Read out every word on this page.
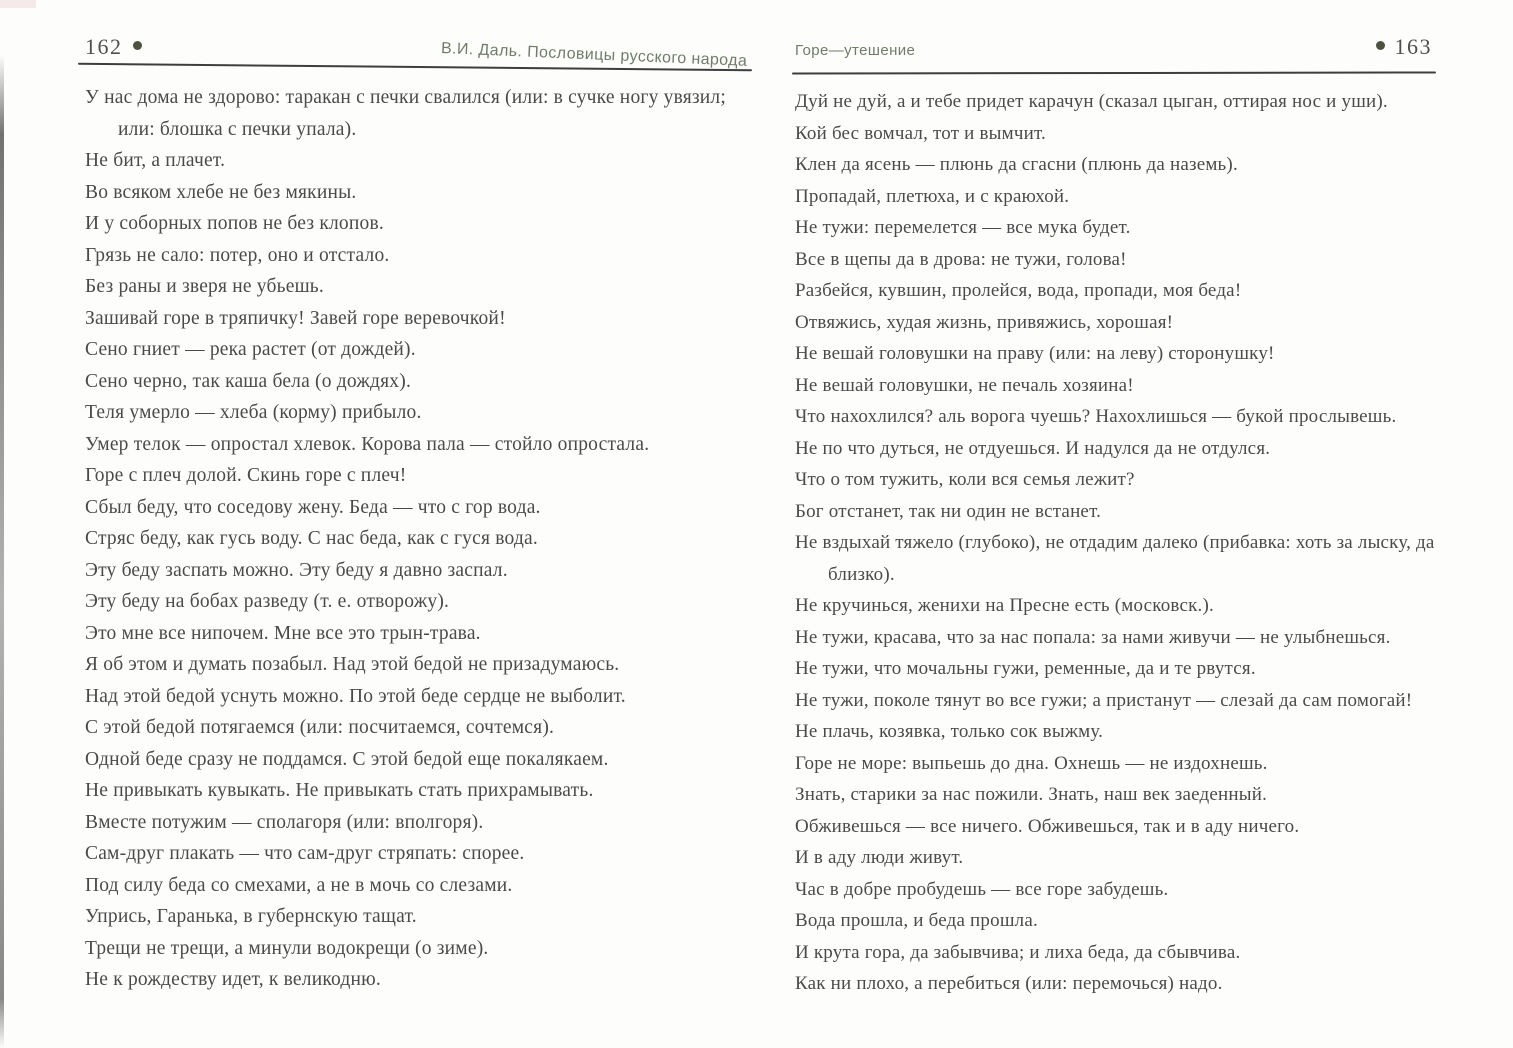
162	В.И. Даль. Пословицы русского народа	Горе—утешение	163

У нас дома не здорово: таракан с печки свалился (или: в сучке ногу увязил; или: блошка с печки упала).

Не бит, а плачет.

Во всяком хлебе не без мякины.

И у соборных попов не без клопов.

Грязь не сало: потер, оно и отстало.

Без раны и зверя не убьешь.

Зашивай горе в тряпичку! Завей горе веревочкой!

Сено гниет — река растет (от дождей).

Сено черно, так каша бела (о дождях).

Теля умерло — хлеба (корму) прибыло.

Умер телок — опростал хлевок. Корова пала — стойло опростала.

Горе с плеч долой. Скинь горе с плеч!

Сбыл беду, что соседову жену. Беда — что с гор вода.

Стряс беду, как гусь воду. С нас беда, как с гуся вода.

Эту беду заспать можно. Эту беду я давно заспал.

Эту беду на бобах разведу (т. е. отворожу).

Это мне все нипочем. Мне все это трын-трава.

Я об этом и думать позабыл. Над этой бедой не призадумаюсь.

Над этой бедой уснуть можно. По этой беде сердце не выболит.

С этой бедой потягаемся (или: посчитаемся, сочтемся).

Одной беде сразу не поддамся. С этой бедой еще покалякаем.

Не привыкать кувыкать. Не привыкать стать прихрамывать.

Вместе потужим — сполагоря (или: вполгоря).

Сам-друг плакать — что сам-друг стряпать: спорее.

Под силу беда со смехами, а не в мочь со слезами.

Упрись, Гаранька, в губернскую тащат.

Трещи не трещи, а минули водокрещи (о зиме).

Не к рождеству идет, к великодню.

Дуй не дуй, а и тебе придет карачун (сказал цыган, оттирая нос и уши).

Кой бес вомчал, тот и вымчит.

Клен да ясень — плюнь да сгасни (плюнь да наземь).

Пропадай, плетюха, и с краюхой.

Не тужи: перемелется — все мука будет.

Все в щепы да в дрова: не тужи, голова!

Разбейся, кувшин, пролейся, вода, пропади, моя беда!

Отвяжись, худая жизнь, привяжись, хорошая!

Не вешай головушки на праву (или: на леву) сторонушку!

Не вешай головушки, не печаль хозяина!

Что нахохлился? аль ворога чуешь? Нахохлишься — букой прослывешь.

Не по что дуться, не отдуешься. И надулся да не отдулся.

Что о том тужить, коли вся семья лежит?

Бог отстанет, так ни один не встанет.

Не вздыхай тяжело (глубоко), не отдадим далеко (прибавка: хоть за лыску, да близко).

Не кручинься, женихи на Пресне есть (московск.).

Не тужи, красава, что за нас попала: за нами живучи — не улыбнешься.

Не тужи, что мочальны гужи, ременные, да и те рвутся.

Не тужи, поколе тянут во все гужи; а пристанут — слезай да сам помогай!

Не плачь, козявка, только сок выжму.

Горе не море: выпьешь до дна. Охнешь — не издохнешь.

Знать, старики за нас пожили. Знать, наш век заеденный.

Обживешься — все ничего. Обживешься, так и в аду ничего.

И в аду люди живут.

Час в добре пробудешь — все горе забудешь.

Вода прошла, и беда прошла.

И крута гора, да забывчива; и лиха беда, да сбывчива.

Как ни плохо, а перебиться (или: перемочься) надо.
